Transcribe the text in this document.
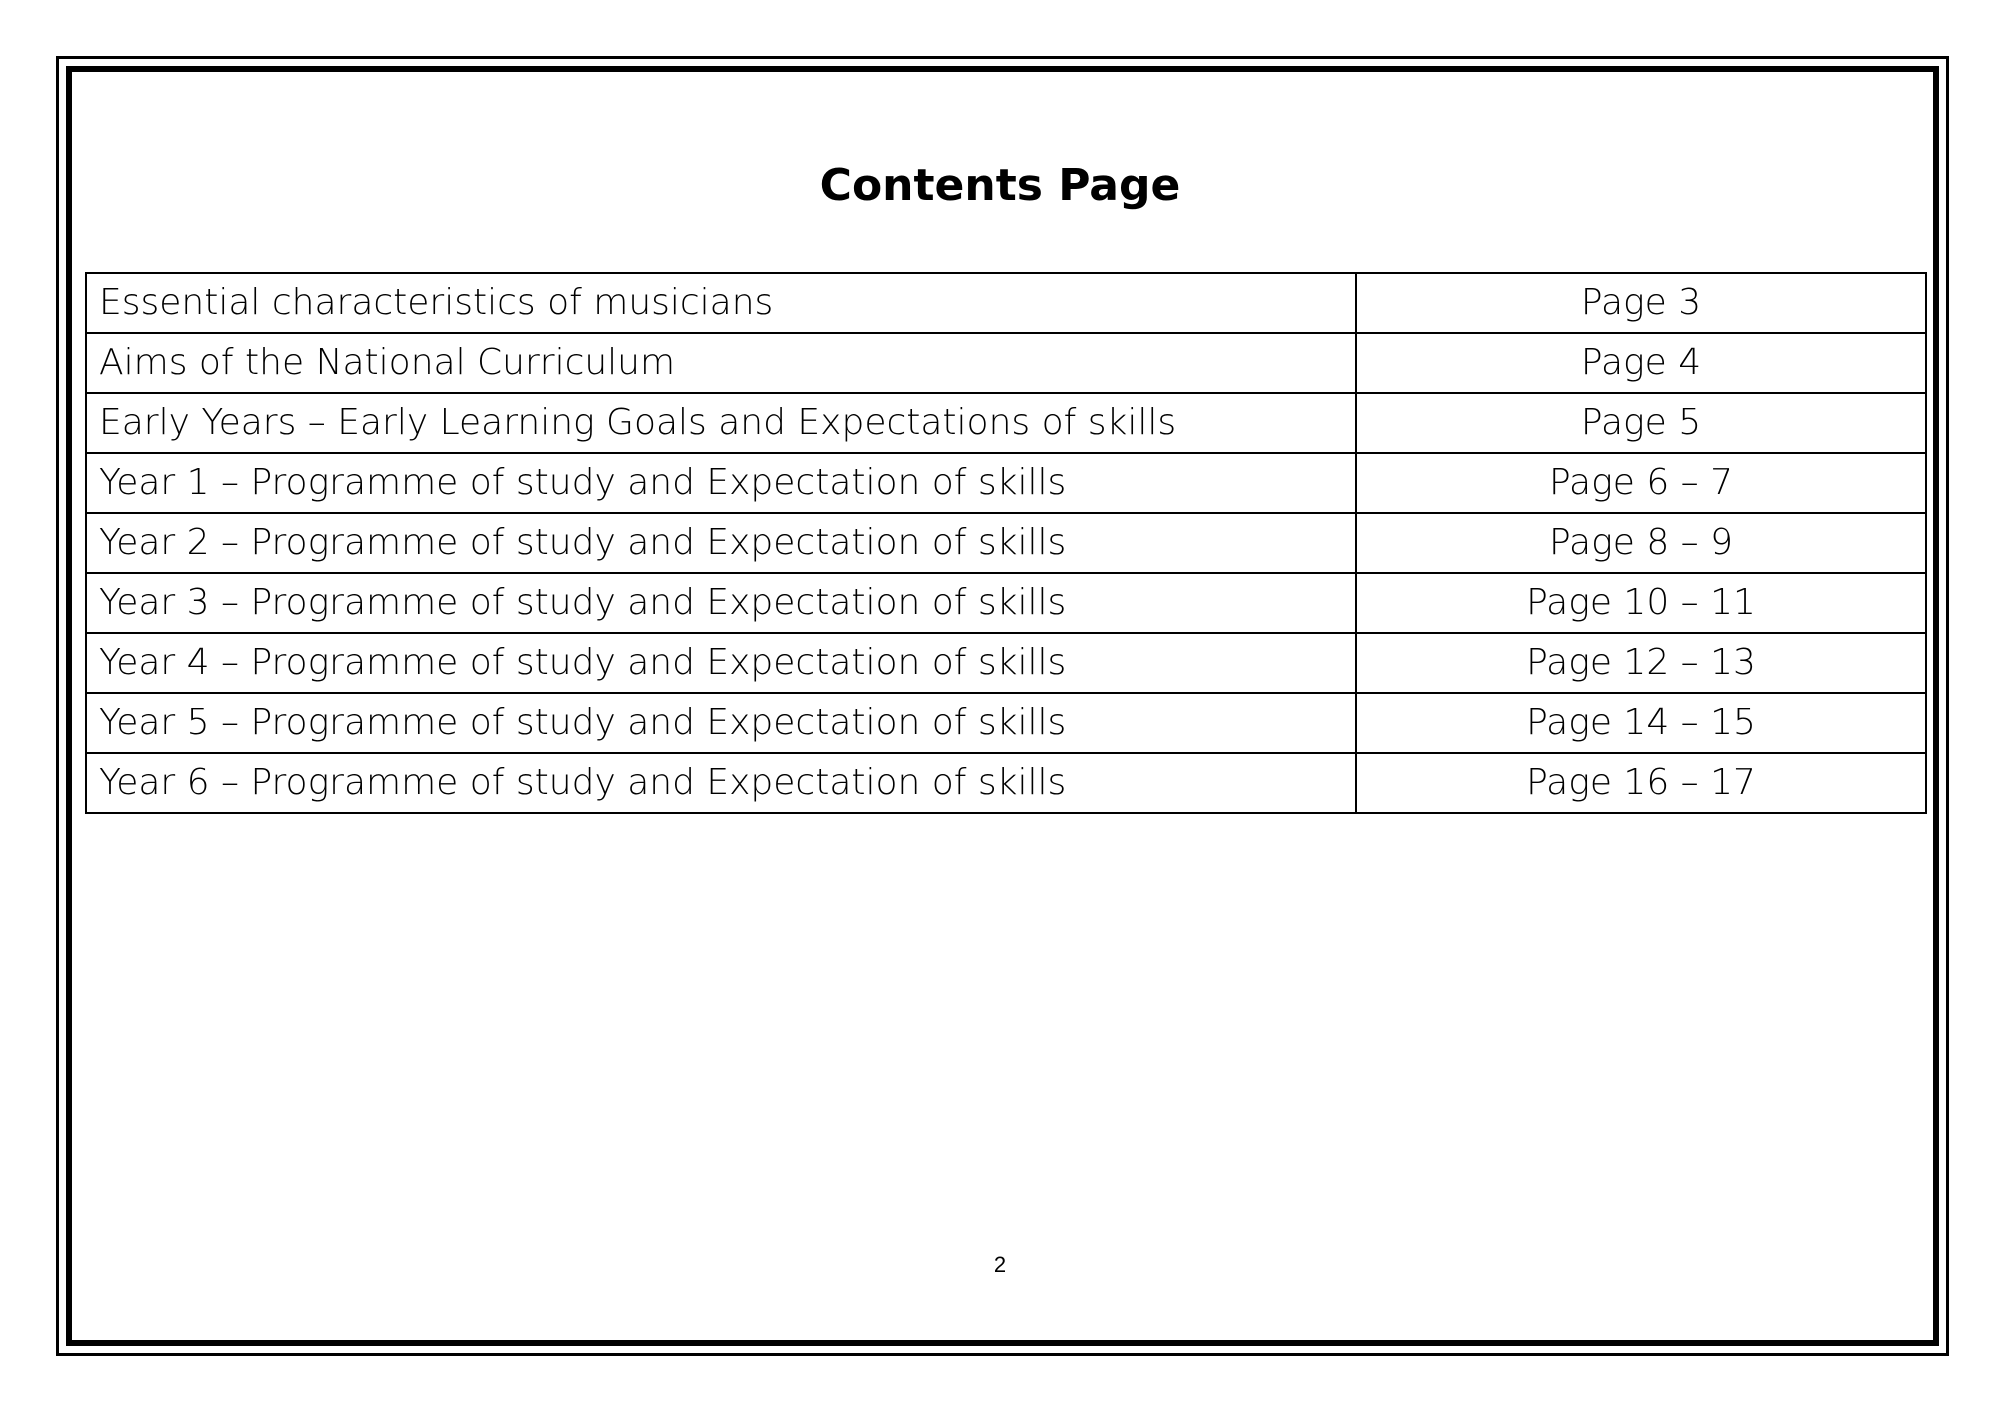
Contents Page
Essential characteristics of musicians	Page 3
Aims of the National Curriculum	Page 4
Early Years – Early Learning Goals and Expectations of skills	Page 5
Year 1 – Programme of study and Expectation of skills	Page 6 – 7
Year 2 – Programme of study and Expectation of skills	Page 8 – 9
Year 3 – Programme of study and Expectation of skills	Page 10 – 11
Year 4 – Programme of study and Expectation of skills	Page 12 – 13
Year 5 – Programme of study and Expectation of skills	Page 14 – 15
Year 6 – Programme of study and Expectation of skills	Page 16 – 17
2
